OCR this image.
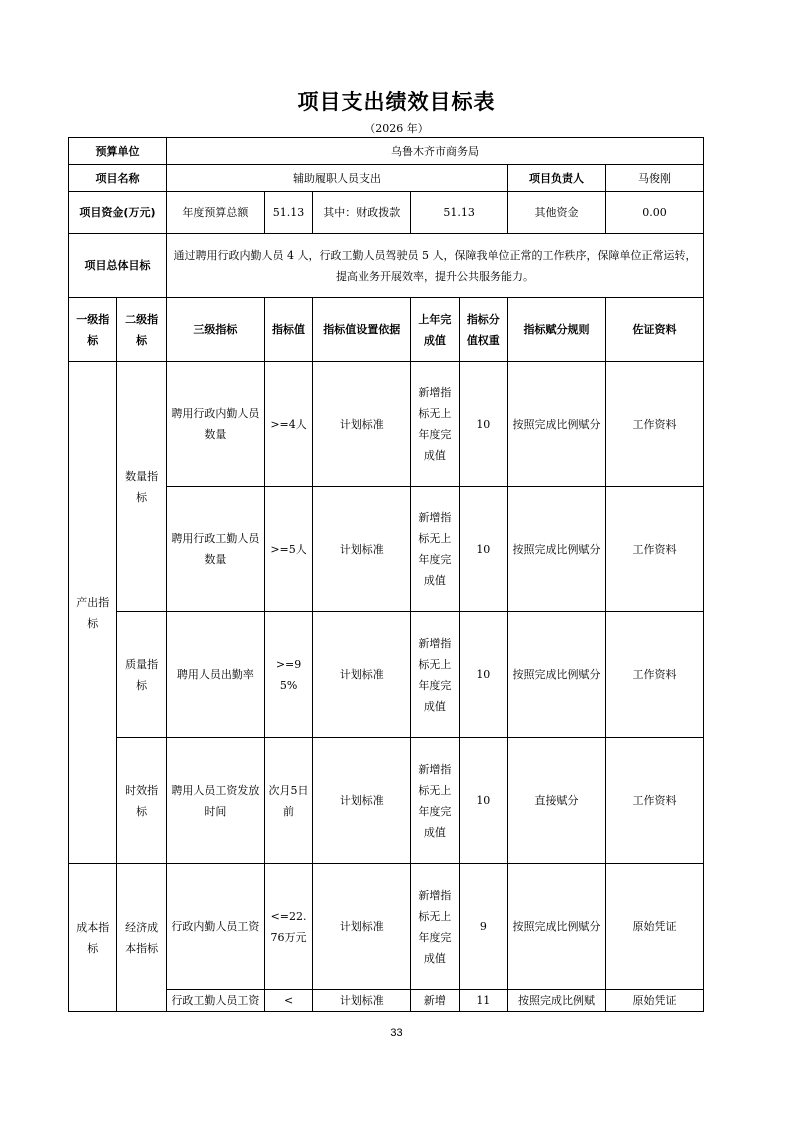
项目支出绩效目标表
（2026 年）
预算单位		乌鲁木齐市商务局						
项目名称		辅助履职人员支出					项目负责人	马俊刚
项目资金(万元)		年度预算总额	51.13	其中：财政拨款	51.13		其他资金	0.00
项目总体目标		通过聘用行政内勤人员 4 人，行政工勤人员驾驶员 5 人，保障我单位正常的工作秩序，保障单位正常运转，提高业务开展效率，提升公共服务能力。						
一级指标	二级指标	三级指标	指标值	指标值设置依据	上年完成值	指标分值权重	指标赋分规则	佐证资料
产出指标	数量指标	聘用行政内勤人员数量	>=4人	计划标准	新增指标无上年度完成值	10	按照完成比例赋分	工作资料
		聘用行政工勤人员数量	>=5人	计划标准	新增指标无上年度完成值	10	按照完成比例赋分	工作资料
	质量指标	聘用人员出勤率	>=95%	计划标准	新增指标无上年度完成值	10	按照完成比例赋分	工作资料
	时效指标	聘用人员工资发放时间	次月5日前	计划标准	新增指标无上年度完成值	10	直接赋分	工作资料
成本指标	经济成本指标	行政内勤人员工资	<=22.76万元	计划标准	新增指标无上年度完成值	9	按照完成比例赋分	原始凭证
		行政工勤人员工资	<	计划标准	新增	11	按照完成比例赋	原始凭证
33
